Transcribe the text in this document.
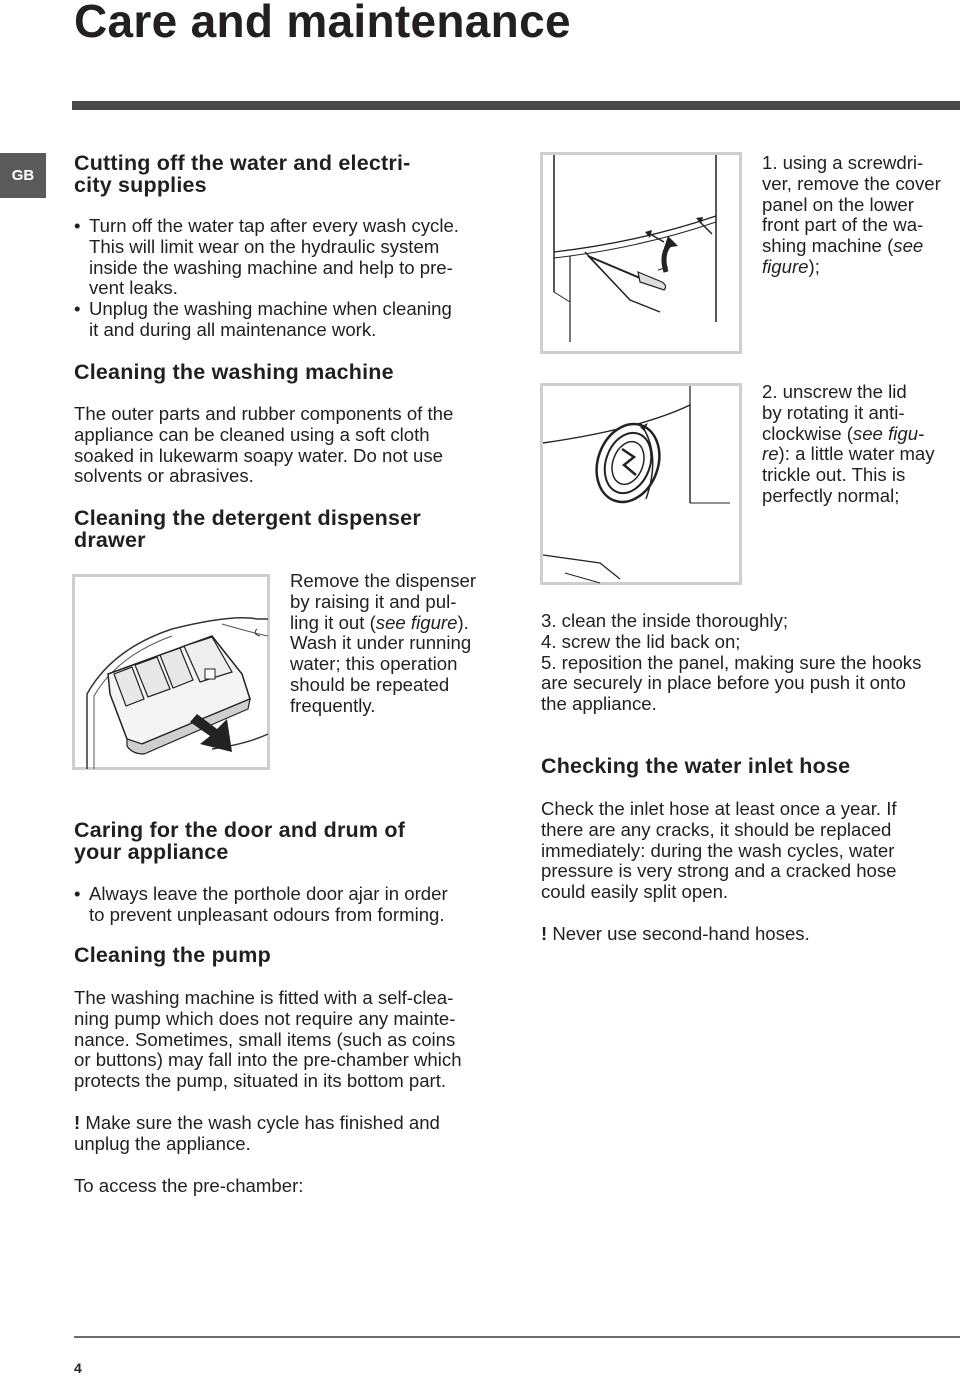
Care and maintenance
GB
Cutting off the water and electri-
city supplies
• Turn off the water tap after every wash cycle.
This will limit wear on the hydraulic system
inside the washing machine and help to pre-
vent leaks.
• Unplug the washing machine when cleaning
it and during all maintenance work.
Cleaning the washing machine
The outer parts and rubber components of the
appliance can be cleaned using a soft cloth
soaked in lukewarm soapy water. Do not use
solvents or abrasives.
Cleaning the detergent dispenser
drawer
Remove the dispenser
by raising it and pul-
ling it out (see figure).
Wash it under running
water; this operation
should be repeated
frequently.
Caring for the door and drum of
your appliance
• Always leave the porthole door ajar in order
to prevent unpleasant odours from forming.
Cleaning the pump
The washing machine is fitted with a self-clea-
ning pump which does not require any mainte-
nance. Sometimes, small items (such as coins
or buttons) may fall into the pre-chamber which
protects the pump, situated in its bottom part.
! Make sure the wash cycle has finished and
unplug the appliance.
To access the pre-chamber:
1. using a screwdri-
ver, remove the cover
panel on the lower
front part of the wa-
shing machine (see
figure);
2. unscrew the lid
by rotating it anti-
clockwise (see figu-
re): a little water may
trickle out. This is
perfectly normal;
3. clean the inside thoroughly;
4. screw the lid back on;
5. reposition the panel, making sure the hooks
are securely in place before you push it onto
the appliance.
Checking the water inlet hose
Check the inlet hose at least once a year. If
there are any cracks, it should be replaced
immediately: during the wash cycles, water
pressure is very strong and a cracked hose
could easily split open.
! Never use second-hand hoses.
4
